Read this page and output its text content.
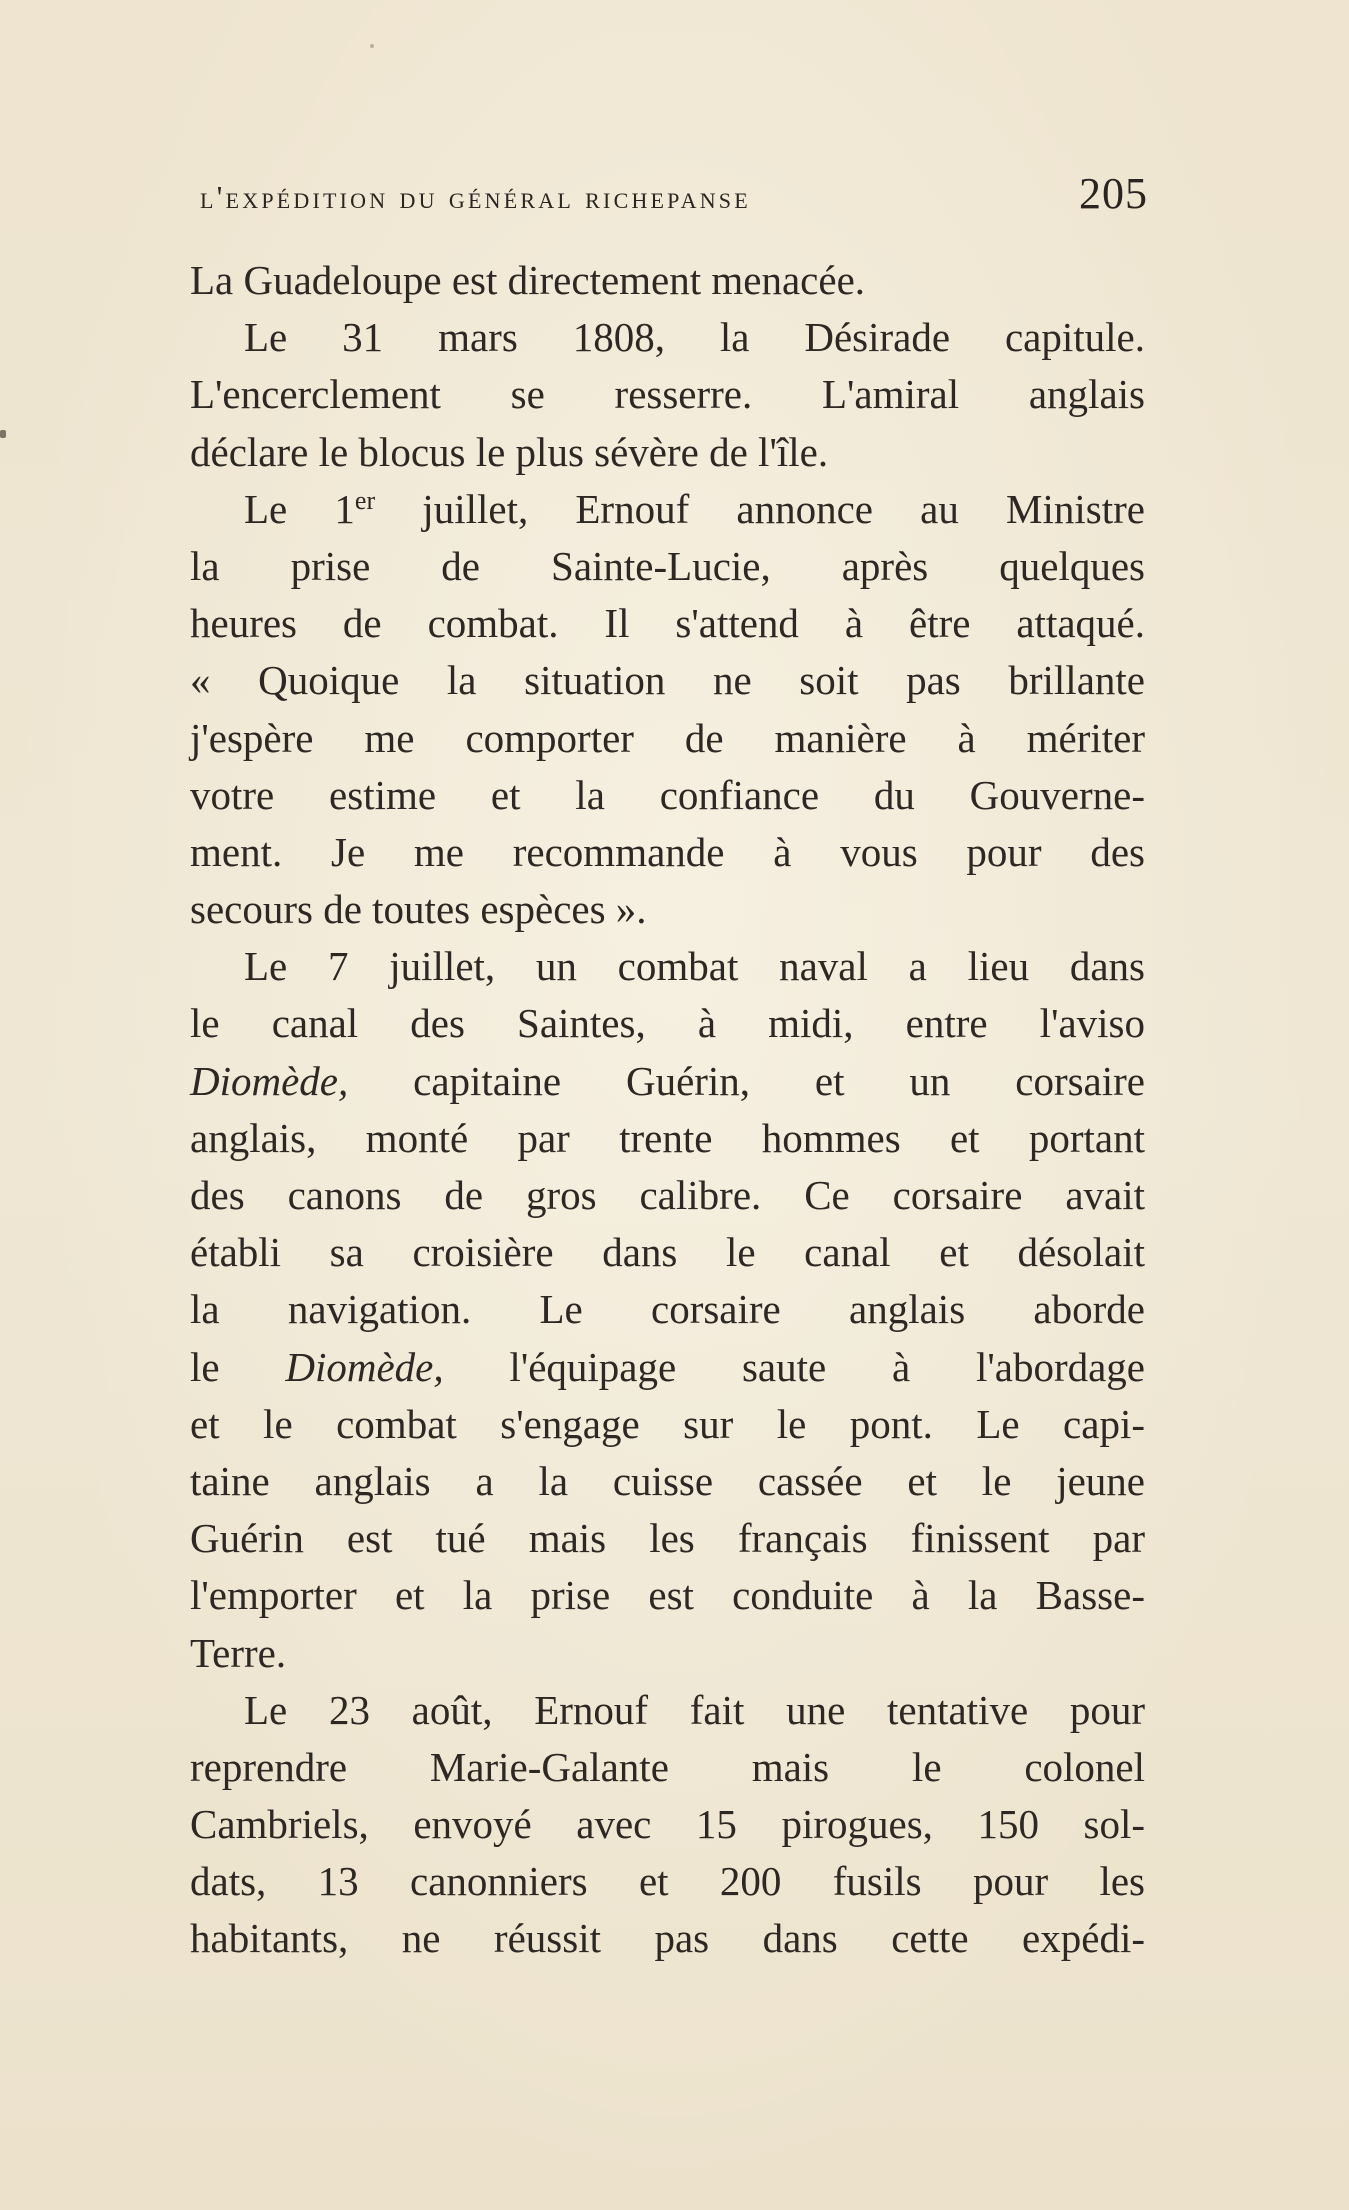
l'expédition du général richepanse	205
La Guadeloupe est directement menacée.
Le 31 mars 1808, la Désirade capitule.
L'encerclement se resserre. L'amiral anglais
déclare le blocus le plus sévère de l'île.
Le 1er juillet, Ernouf annonce au Ministre
la prise de Sainte-Lucie, après quelques
heures de combat. Il s'attend à être attaqué.
« Quoique la situation ne soit pas brillante
j'espère me comporter de manière à mériter
votre estime et la confiance du Gouverne-
ment. Je me recommande à vous pour des
secours de toutes espèces ».
Le 7 juillet, un combat naval a lieu dans
le canal des Saintes, à midi, entre l'aviso
Diomède, capitaine Guérin, et un corsaire
anglais, monté par trente hommes et portant
des canons de gros calibre. Ce corsaire avait
établi sa croisière dans le canal et désolait
la navigation. Le corsaire anglais aborde
le Diomède, l'équipage saute à l'abordage
et le combat s'engage sur le pont. Le capi-
taine anglais a la cuisse cassée et le jeune
Guérin est tué mais les français finissent par
l'emporter et la prise est conduite à la Basse-
Terre.
Le 23 août, Ernouf fait une tentative pour
reprendre Marie-Galante mais le colonel
Cambriels, envoyé avec 15 pirogues, 150 sol-
dats, 13 canonniers et 200 fusils pour les
habitants, ne réussit pas dans cette expédi-
